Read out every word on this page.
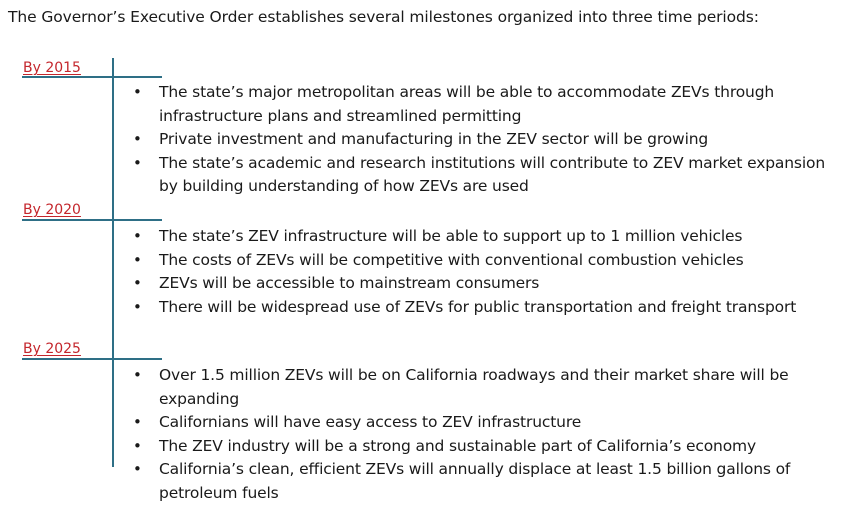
The Governor’s Executive Order establishes several milestones organized into three time periods:
By 2015
• The state’s major metropolitan areas will be able to accommodate ZEVs through infrastructure plans and streamlined permitting
• Private investment and manufacturing in the ZEV sector will be growing
• The state’s academic and research institutions will contribute to ZEV market expansion by building understanding of how ZEVs are used
By 2020
• The state’s ZEV infrastructure will be able to support up to 1 million vehicles
• The costs of ZEVs will be competitive with conventional combustion vehicles
• ZEVs will be accessible to mainstream consumers
• There will be widespread use of ZEVs for public transportation and freight transport
By 2025
• Over 1.5 million ZEVs will be on California roadways and their market share will be expanding
• Californians will have easy access to ZEV infrastructure
• The ZEV industry will be a strong and sustainable part of California’s economy
• California’s clean, efficient ZEVs will annually displace at least 1.5 billion gallons of petroleum fuels
